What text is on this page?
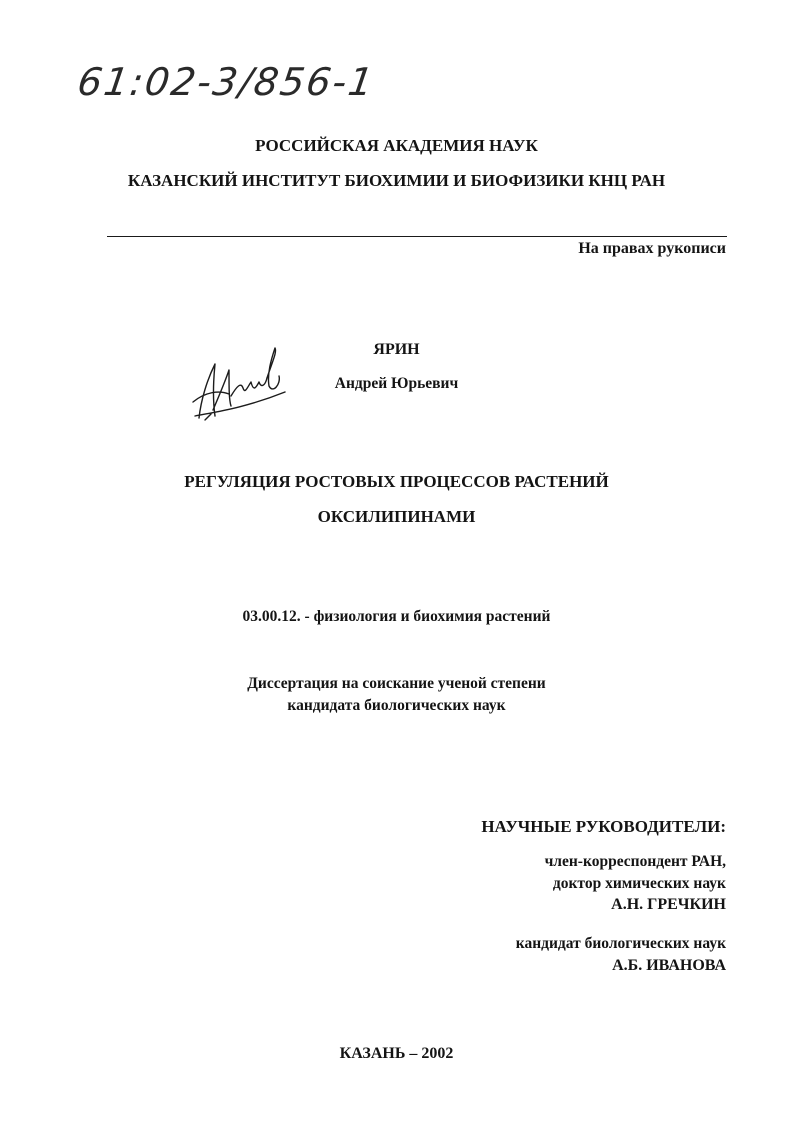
61:02-3/856-1
РОССИЙСКАЯ АКАДЕМИЯ НАУК
КАЗАНСКИЙ ИНСТИТУТ БИОХИМИИ И БИОФИЗИКИ КНЦ РАН
На правах рукописи
ЯРИН
Андрей Юрьевич
РЕГУЛЯЦИЯ РОСТОВЫХ ПРОЦЕССОВ РАСТЕНИЙ
ОКСИЛИПИНАМИ
03.00.12. - физиология и биохимия растений
Диссертация на соискание ученой степени
кандидата биологических наук
НАУЧНЫЕ РУКОВОДИТЕЛИ:
член-корреспондент РАН,
доктор химических наук
А.Н. ГРЕЧКИН
кандидат биологических наук
А.Б. ИВАНОВА
КАЗАНЬ – 2002
